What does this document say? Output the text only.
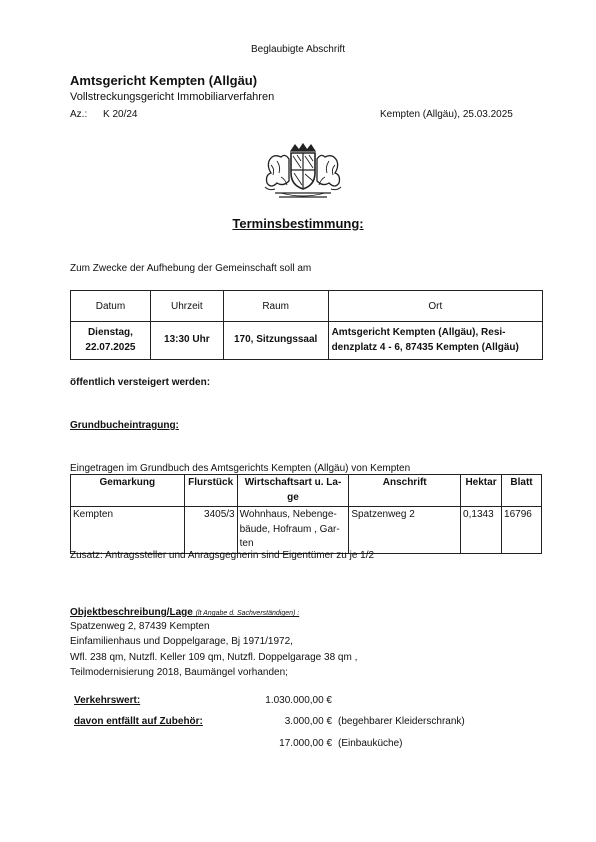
Beglaubigte Abschrift
Amtsgericht Kempten (Allgäu)
Vollstreckungsgericht Immobiliarverfahren
Az.: K 20/24	Kempten (Allgäu), 25.03.2025
Terminsbestimmung:
Zum Zwecke der Aufhebung der Gemeinschaft soll am
Datum	Uhrzeit	Raum	Ort
Dienstag,
22.07.2025	13:30 Uhr	170, Sitzungssaal	Amtsgericht Kempten (Allgäu), Resi-
denzplatz 4 - 6, 87435 Kempten (Allgäu)
öffentlich versteigert werden:
Grundbucheintragung:
Eingetragen im Grundbuch des Amtsgerichts Kempten (Allgäu) von Kempten
Gemarkung	Flurstück	Wirtschaftsart u. La-
ge	Anschrift	Hektar	Blatt
Kempten	3405/3	Wohnhaus, Nebenge-
bäude, Hofraum , Gar-
ten	Spatzenweg 2	0,1343	16796
Zusatz: Antragssteller und Anragsgegnerin sind Eigentümer zu je 1/2
Objektbeschreibung/Lage (lt Angabe d. Sachverständigen) :
Spatzenweg 2, 87439 Kempten
Einfamilienhaus und Doppelgarage, Bj 1971/1972,
Wfl. 238 qm, Nutzfl. Keller 109 qm, Nutzfl. Doppelgarage 38 qm ,
Teilmodernisierung 2018, Baumängel vorhanden;
Verkehrswert:	1.030.000,00 €
davon entfällt auf Zubehör:	3.000,00 € (begehbarer Kleiderschrank)
17.000,00 € (Einbauküche)
